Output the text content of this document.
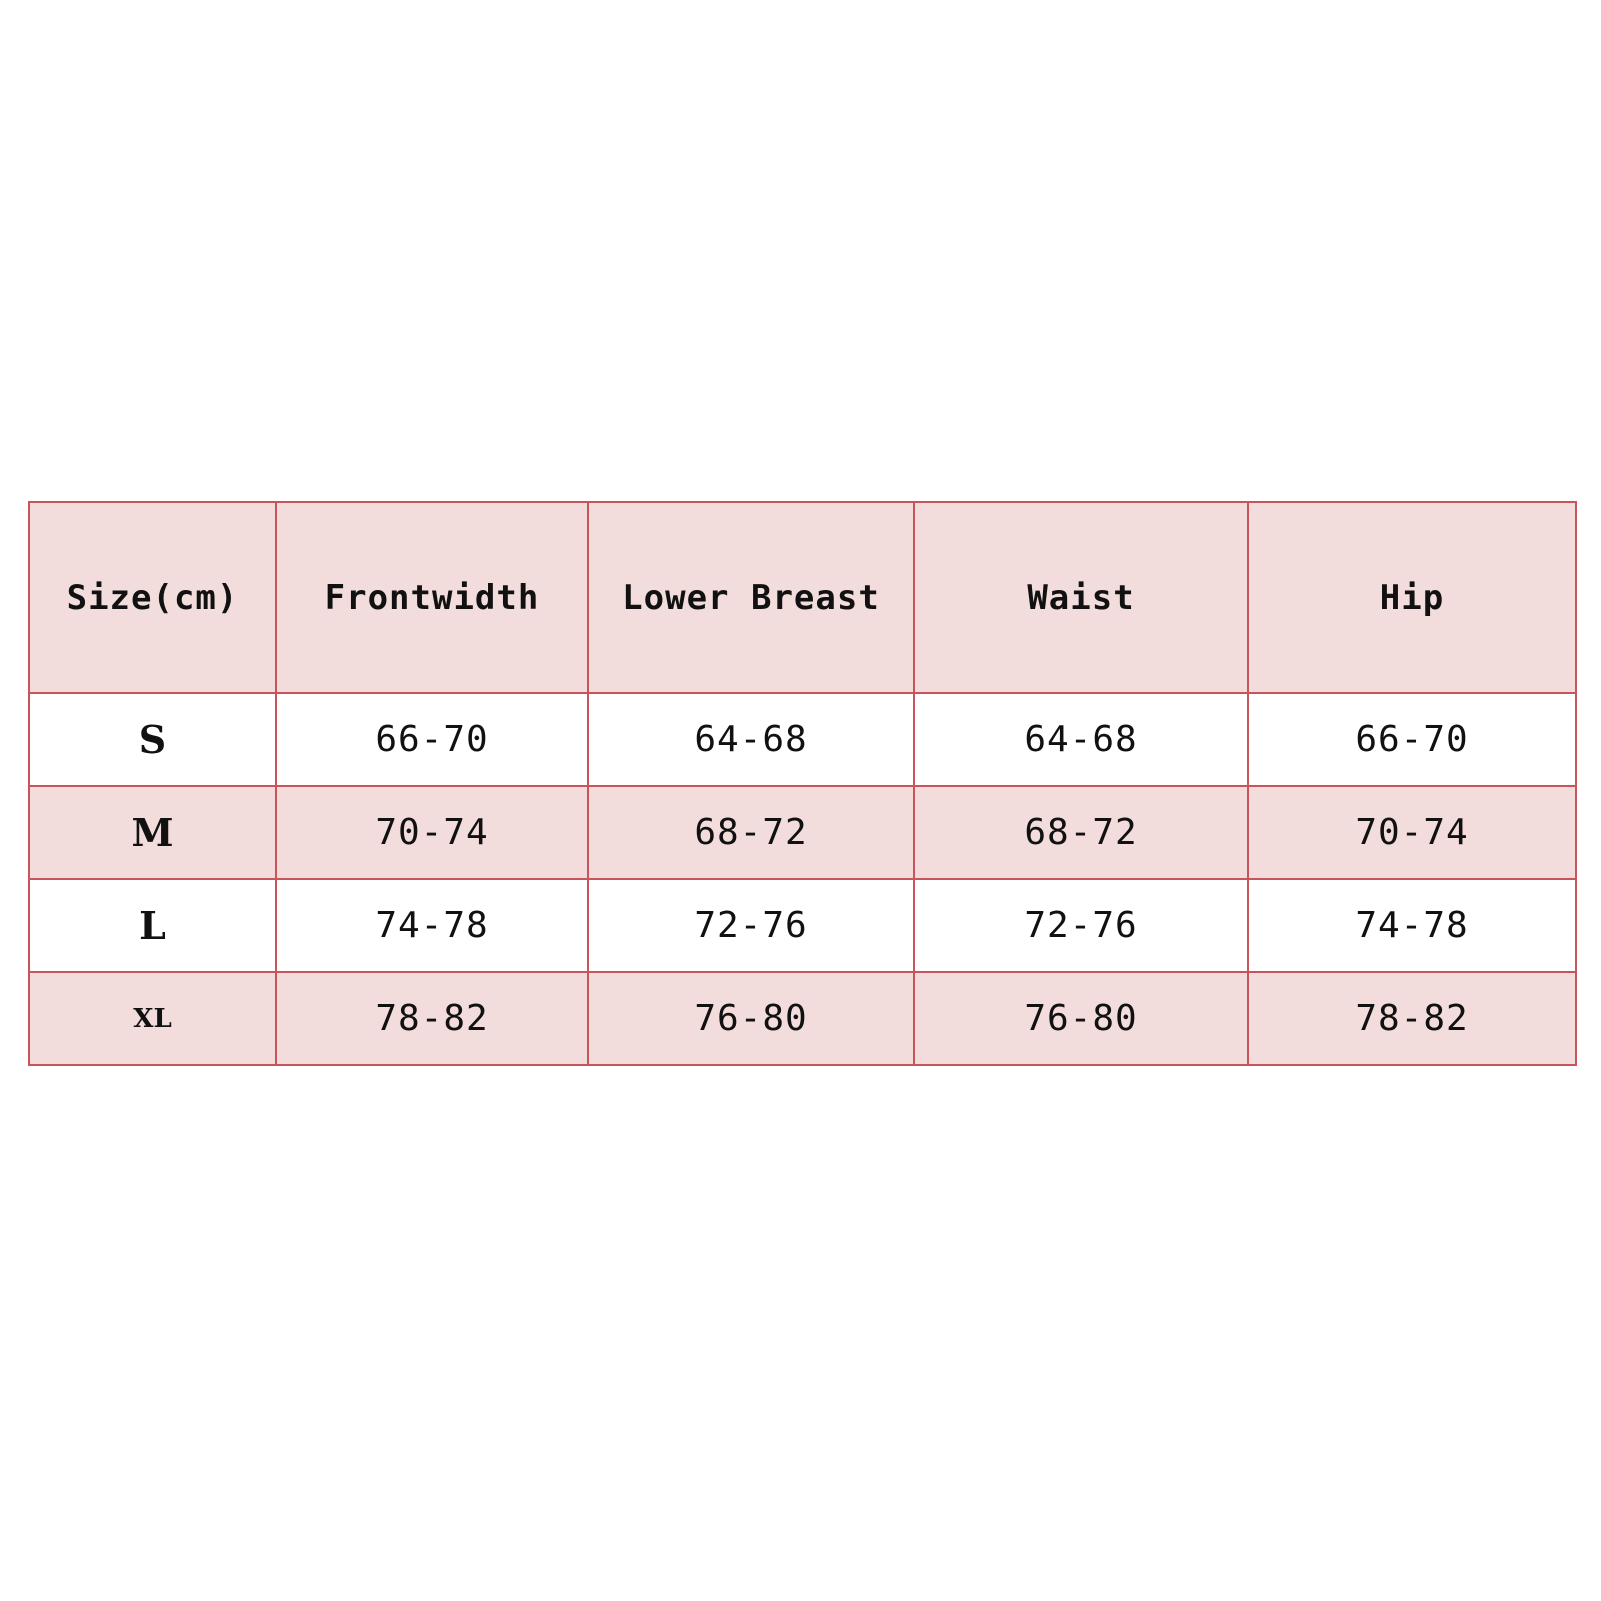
Size(cm)	Frontwidth	Lower Breast	Waist	Hip
S	66-70	64-68	64-68	66-70
M	70-74	68-72	68-72	70-74
L	74-78	72-76	72-76	74-78
XL	78-82	76-80	76-80	78-82
